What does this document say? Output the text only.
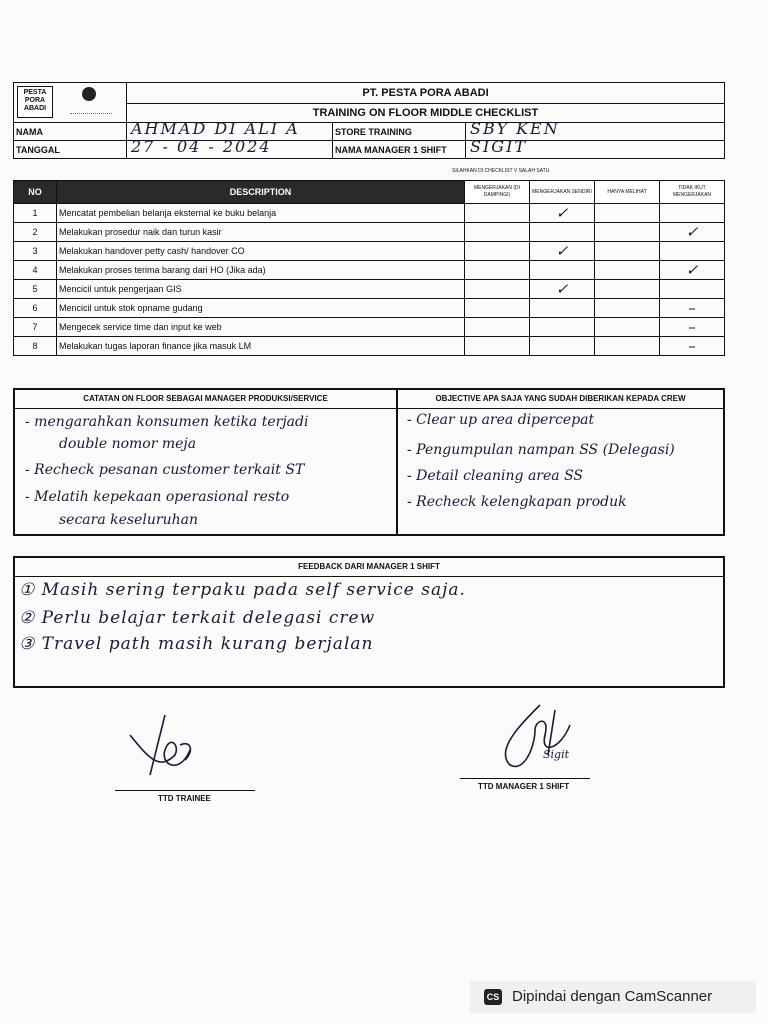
PESTA PORA ABADI	PT. PESTA PORA ABADI		
	TRAINING ON FLOOR MIDDLE CHECKLIST		
NAMA	AHMAD DI ALI A	STORE TRAINING	SBY KEN

TANGGAL	27 - 04 - 2024	NAMA MANAGER 1 SHIFT	SIGIT
SILAHKAN DI CHECKLIST V SALAH SATU
NO	DESCRIPTION	MENGERJAKAN (DI DAMPINGI)	MENGERJAKAN SENDIRI	HANYA MELIHAT	TIDAK IKUT MENGERJAKAN
1	Mencatat pembelian belanja eksternal ke buku belanja		✓		
2	Melakukan prosedur naik dan turun kasir				✓
3	Melakukan handover petty cash/ handover CO		✓		
4	Melakukan proses terima barang dari HO (Jika ada)				✓
5	Mencicil untuk pengerjaan GIS		✓		
6	Mencicil untuk stok opname gudang				–
7	Mengecek service time dan input ke web				–
8	Melakukan tugas laporan finance jika masuk LM				–
CATATAN ON FLOOR SEBAGAI MANAGER PRODUKSI/SERVICE	OBJECTIVE APA SAJA YANG SUDAH DIBERIKAN KEPADA CREW
- mengarahkan konsumen ketika terjadi
double nomor meja
- Recheck pesanan customer terkait ST
- Melatih kepekaan operasional resto
secara keseluruhan
- Clear up area dipercepat
- Pengumpulan nampan SS (Delegasi)
- Detail cleaning area SS
- Recheck kelengkapan produk
FEEDBACK DARI MANAGER 1 SHIFT
① Masih sering terpaku pada self service saja.
② Perlu belajar terkait delegasi crew
③ Travel path masih kurang berjalan
TTD TRAINEE
Sigit
TTD MANAGER 1 SHIFT
CS Dipindai dengan CamScanner
